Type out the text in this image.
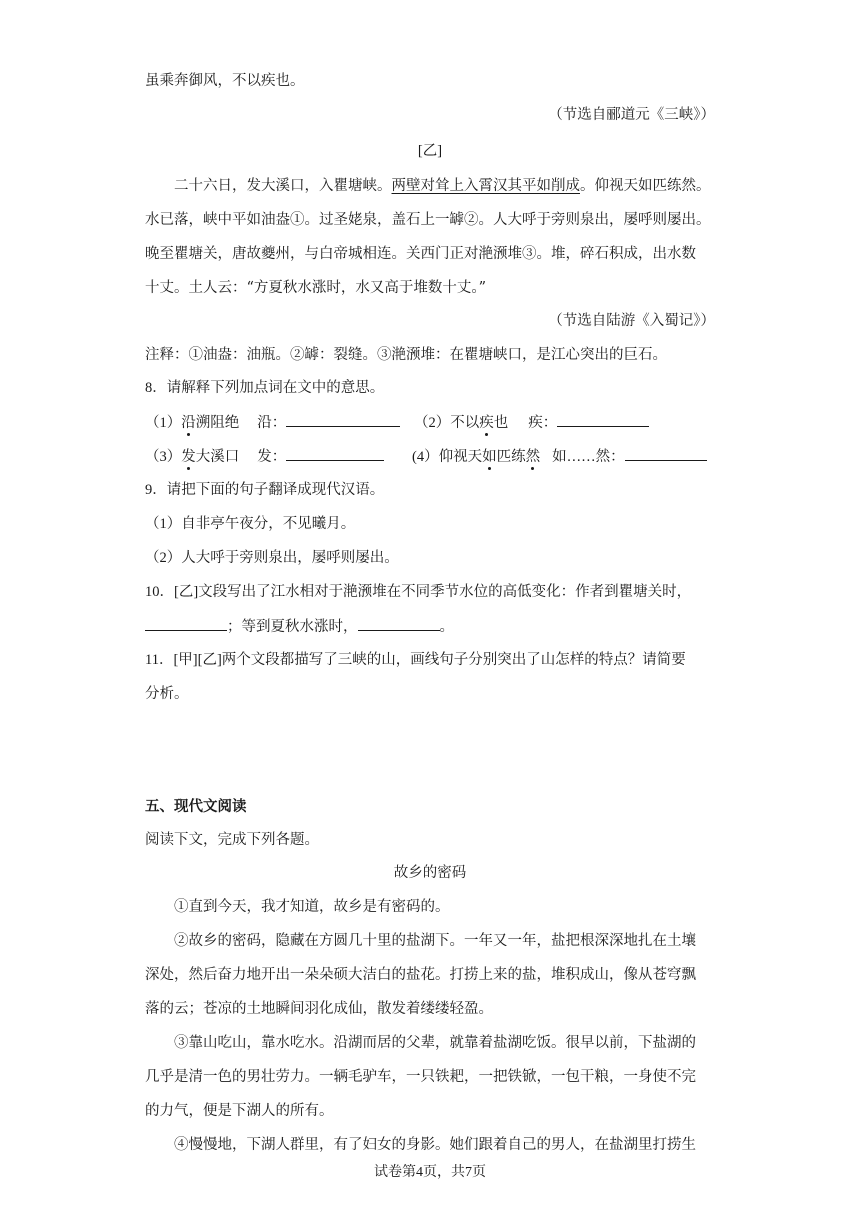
虽乘奔御风，不以疾也。
（节选自郦道元《三峡》）
[乙]
二十六日，发大溪口，入瞿塘峡。两壁对耸上入霄汉其平如削成。仰视天如匹练然。
水已落，峡中平如油盎①。过圣姥泉，盖石上一罅②。人大呼于旁则泉出，屡呼则屡出。
晚至瞿塘关，唐故夔州，与白帝城相连。关西门正对滟滪堆③。堆，碎石积成，出水数
十丈。土人云：“方夏秋水涨时，水又高于堆数十丈。”
（节选自陆游《入蜀记》）
注释：①油盎：油瓶。②罅：裂缝。③滟滪堆：在瞿塘峡口，是江心突出的巨石。
8．请解释下列加点词在文中的意思。
（1）沿溯阻绝 沿：	（2）不以疾也 疾：
（3）发大溪口 发：	(4）仰视天如匹练然 如……然：
9．请把下面的句子翻译成现代汉语。
（1）自非亭午夜分，不见曦月。
（2）人大呼于旁则泉出，屡呼则屡出。
10．[乙]文段写出了江水相对于滟滪堆在不同季节水位的高低变化：作者到瞿塘关时，
；等到夏秋水涨时，	。
11．[甲][乙]两个文段都描写了三峡的山，画线句子分别突出了山怎样的特点？请简要
分析。
五、现代文阅读
阅读下文，完成下列各题。
故乡的密码
①直到今天，我才知道，故乡是有密码的。
②故乡的密码，隐藏在方圆几十里的盐湖下。一年又一年，盐把根深深地扎在土壤
深处，然后奋力地开出一朵朵硕大洁白的盐花。打捞上来的盐，堆积成山，像从苍穹飘
落的云；苍凉的土地瞬间羽化成仙，散发着缕缕轻盈。
③靠山吃山，靠水吃水。沿湖而居的父辈，就靠着盐湖吃饭。很早以前，下盐湖的
几乎是清一色的男壮劳力。一辆毛驴车，一只铁耙，一把铁锨，一包干粮，一身使不完
的力气，便是下湖人的所有。
④慢慢地，下湖人群里，有了妇女的身影。她们跟着自己的男人，在盐湖里打捞生
试卷第4页，共7页
